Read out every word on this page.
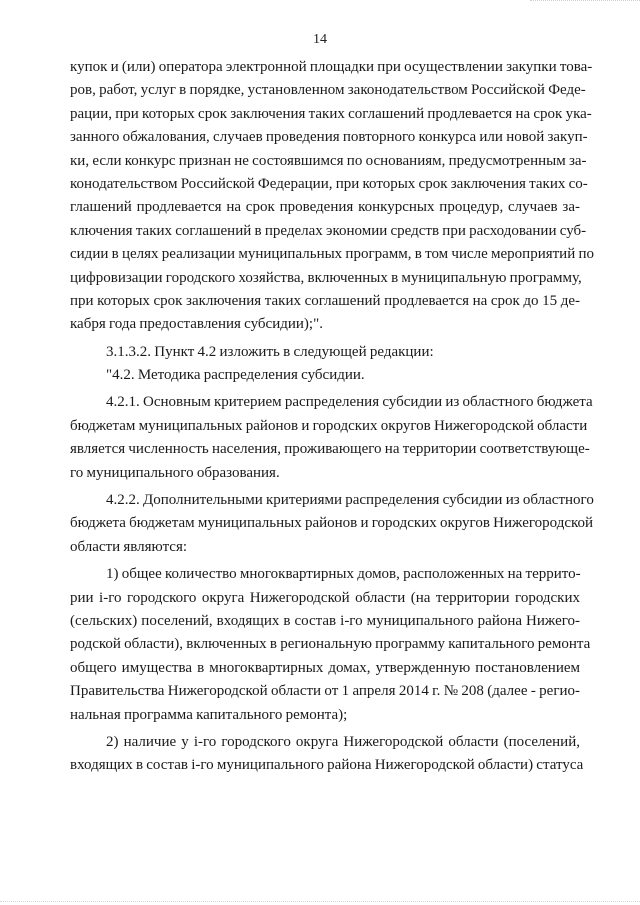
14
купок и (или) оператора электронной площадки при осуществлении закупки това-
ров, работ, услуг в порядке, установленном законодательством Российской Феде-
рации, при которых срок заключения таких соглашений продлевается на срок ука-
занного обжалования, случаев проведения повторного конкурса или новой закуп-
ки, если конкурс признан не состоявшимся по основаниям, предусмотренным за-
конодательством Российской Федерации, при которых срок заключения таких со-
глашений продлевается на срок проведения конкурсных процедур, случаев за-
ключения таких соглашений в пределах экономии средств при расходовании суб-
сидии в целях реализации муниципальных программ, в том числе мероприятий по
цифровизации городского хозяйства, включенных в муниципальную программу,
при которых срок заключения таких соглашений продлевается на срок до 15 де-
кабря года предоставления субсидии);".
3.1.3.2. Пункт 4.2 изложить в следующей редакции:
"4.2. Методика распределения субсидии.
4.2.1. Основным критерием распределения субсидии из областного бюджета
бюджетам муниципальных районов и городских округов Нижегородской области
является численность населения, проживающего на территории соответствующе-
го муниципального образования.
4.2.2. Дополнительными критериями распределения субсидии из областного
бюджета бюджетам муниципальных районов и городских округов Нижегородской
области являются:
1) общее количество многоквартирных домов, расположенных на террито-
рии i-го городского округа Нижегородской области (на территории городских
(сельских) поселений, входящих в состав i-го муниципального района Нижего-
родской области), включенных в региональную программу капитального ремонта
общего имущества в многоквартирных домах, утвержденную постановлением
Правительства Нижегородской области от 1 апреля 2014 г. № 208 (далее - регио-
нальная программа капитального ремонта);
2) наличие у i-го городского округа Нижегородской области (поселений,
входящих в состав i-го муниципального района Нижегородской области) статуса
